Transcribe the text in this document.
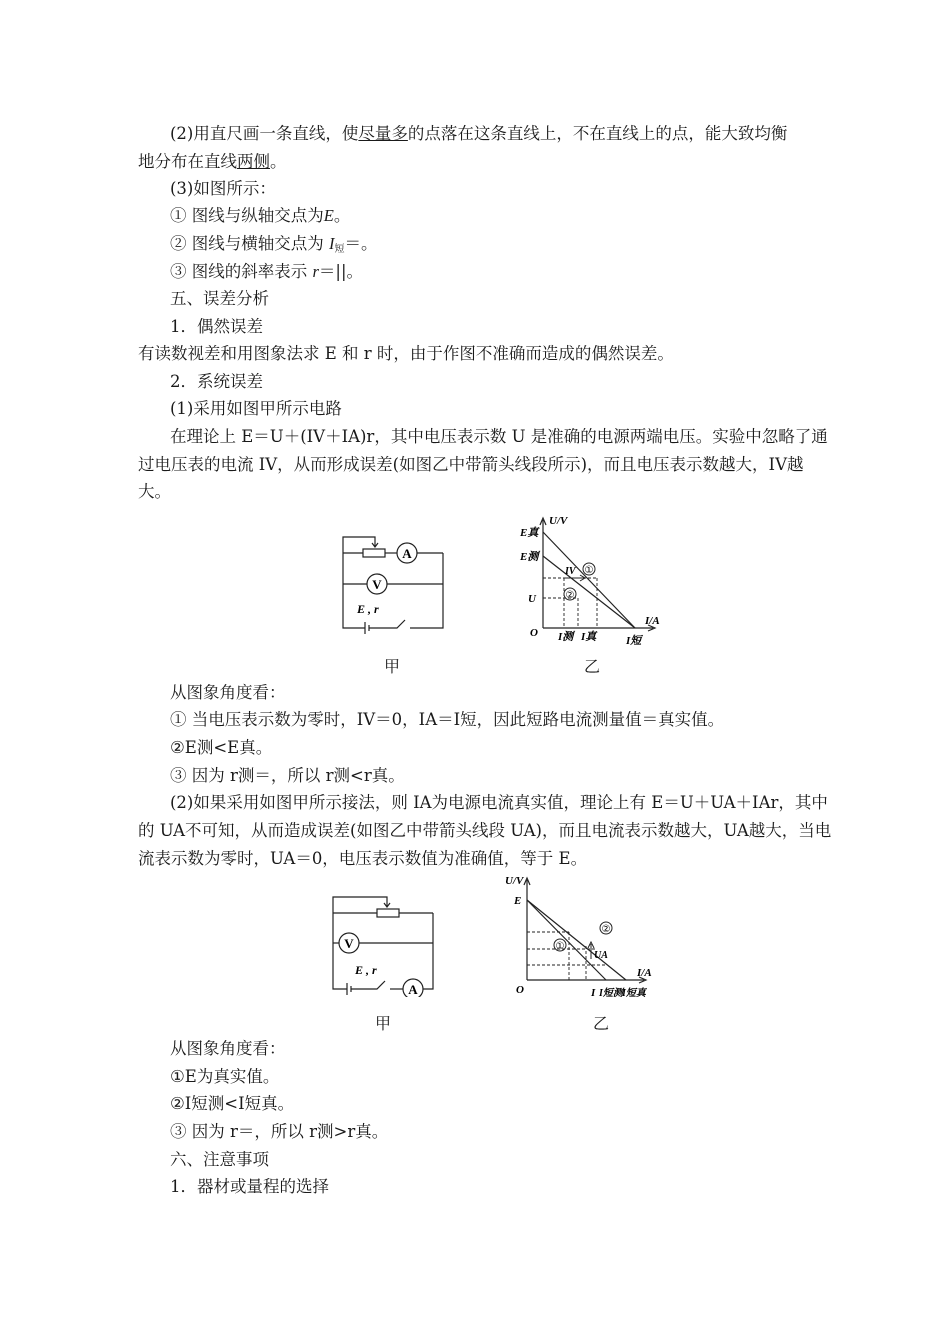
(2)用直尺画一条直线，使尽量多的点落在这条直线上，不在直线上的点，能大致均衡
地分布在直线两侧。
(3)如图所示：
① 图线与纵轴交点为E。
② 图线与横轴交点为 I短＝。
③ 图线的斜率表示 r＝||。
五、误差分析
1．偶然误差
有读数视差和用图象法求 E 和 r 时，由于作图不准确而造成的偶然误差。
2．系统误差
(1)采用如图甲所示电路
在理论上 E＝U＋(IV＋IA)r，其中电压表示数 U 是准确的电源两端电压。实验中忽略了通
过电压表的电流 IV，从而形成误差(如图乙中带箭头线段所示)，而且电压表示数越大，IV越
大。
A
V
E , r
U/V
E真
E测
U
O I测 I真	I短
I/A
IV ①
②
甲	乙
从图象角度看：
① 当电压表示数为零时，IV＝0，IA＝I短，因此短路电流测量值＝真实值。
②E测<E真。
③ 因为 r测＝，所以 r测<r真。
(2)如果采用如图甲所示接法，则 IA为电源电流真实值，理论上有 E＝U＋UA＋IAr，其中
的 UA不可知，从而造成误差(如图乙中带箭头线段 UA)，而且电流表示数越大，UA越大，当电
流表示数为零时，UA＝0，电压表示数值为准确值，等于 E。
V
A
E , r
U/V
E
O	I I短测 I短真
I/A
UA
①
②
甲	乙
从图象角度看：
①E为真实值。
②I短测<I短真。
③ 因为 r＝，所以 r测>r真。
六、注意事项
1．器材或量程的选择
